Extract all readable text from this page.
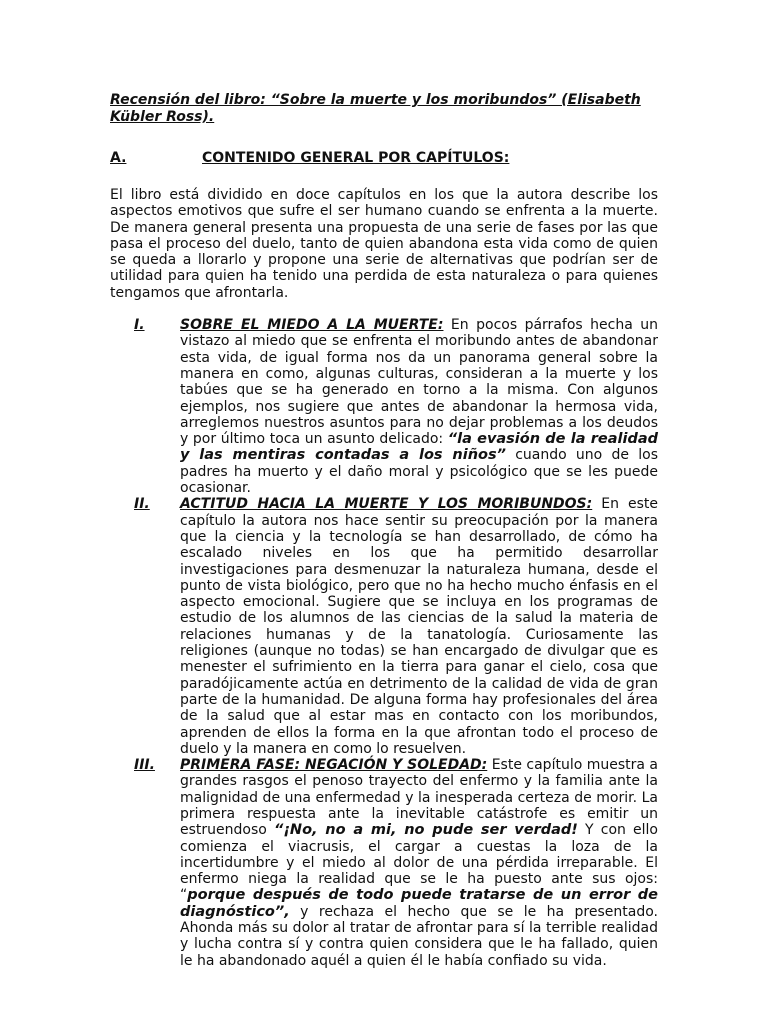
Recensión del libro: “Sobre la muerte y los moribundos” (Elisabeth Kübler Ross).

A.	CONTENIDO GENERAL POR CAPÍTULOS:
El libro está dividido en doce capítulos en los que la autora describe los aspectos emotivos que sufre el ser humano cuando se enfrenta a la muerte. De manera general presenta una propuesta de una serie de fases por las que pasa el proceso del duelo, tanto de quien abandona esta vida como de quien se queda a llorarlo y propone una serie de alternativas que podrían ser de utilidad para quien ha tenido una perdida de esta naturaleza o para quienes tengamos que afrontarla.
I.	SOBRE EL MIEDO A LA MUERTE: En pocos párrafos hecha un vistazo al miedo que se enfrenta el moribundo antes de abandonar esta vida, de igual forma nos da un panorama general sobre la manera en como, algunas culturas, consideran a la muerte y los tabúes que se ha generado en torno a la misma. Con algunos ejemplos, nos sugiere que antes de abandonar la hermosa vida, arreglemos nuestros asuntos para no dejar problemas a los deudos y por último toca un asunto delicado: “la evasión de la realidad y las mentiras contadas a los niños” cuando uno de los padres ha muerto y el daño moral y psicológico que se les puede ocasionar.
II.	ACTITUD HACIA LA MUERTE Y LOS MORIBUNDOS: En este capítulo la autora nos hace sentir su preocupación por la manera que la ciencia y la tecnología se han desarrollado, de cómo ha escalado niveles en los que ha permitido desarrollar investigaciones para desmenuzar la naturaleza humana, desde el punto de vista biológico, pero que no ha hecho mucho énfasis en el aspecto emocional. Sugiere que se incluya en los programas de estudio de los alumnos de las ciencias de la salud la materia de relaciones humanas y de la tanatología. Curiosamente las religiones (aunque no todas) se han encargado de divulgar que es menester el sufrimiento en la tierra para ganar el cielo, cosa que paradójicamente actúa en detrimento de la calidad de vida de gran parte de la humanidad. De alguna forma hay profesionales del área de la salud que al estar mas en contacto con los moribundos, aprenden de ellos la forma en la que afrontan todo el proceso de duelo y la manera en como lo resuelven.
III.	PRIMERA FASE: NEGACIÓN Y SOLEDAD: Este capítulo muestra a grandes rasgos el penoso trayecto del enfermo y la familia ante la malignidad de una enfermedad y la inesperada certeza de morir. La primera respuesta ante la inevitable catástrofe es emitir un estruendoso “¡No, no a mi, no pude ser verdad! Y con ello comienza el viacrusis, el cargar a cuestas la loza de la incertidumbre y el miedo al dolor de una pérdida irreparable. El enfermo niega la realidad que se le ha puesto ante sus ojos: “porque después de todo puede tratarse de un error de diagnóstico”, y rechaza el hecho que se le ha presentado. Ahonda más su dolor al tratar de afrontar para sí la terrible realidad y lucha contra sí y contra quien considera que le ha fallado, quien le ha abandonado aquél a quien él le había confiado su vida.
